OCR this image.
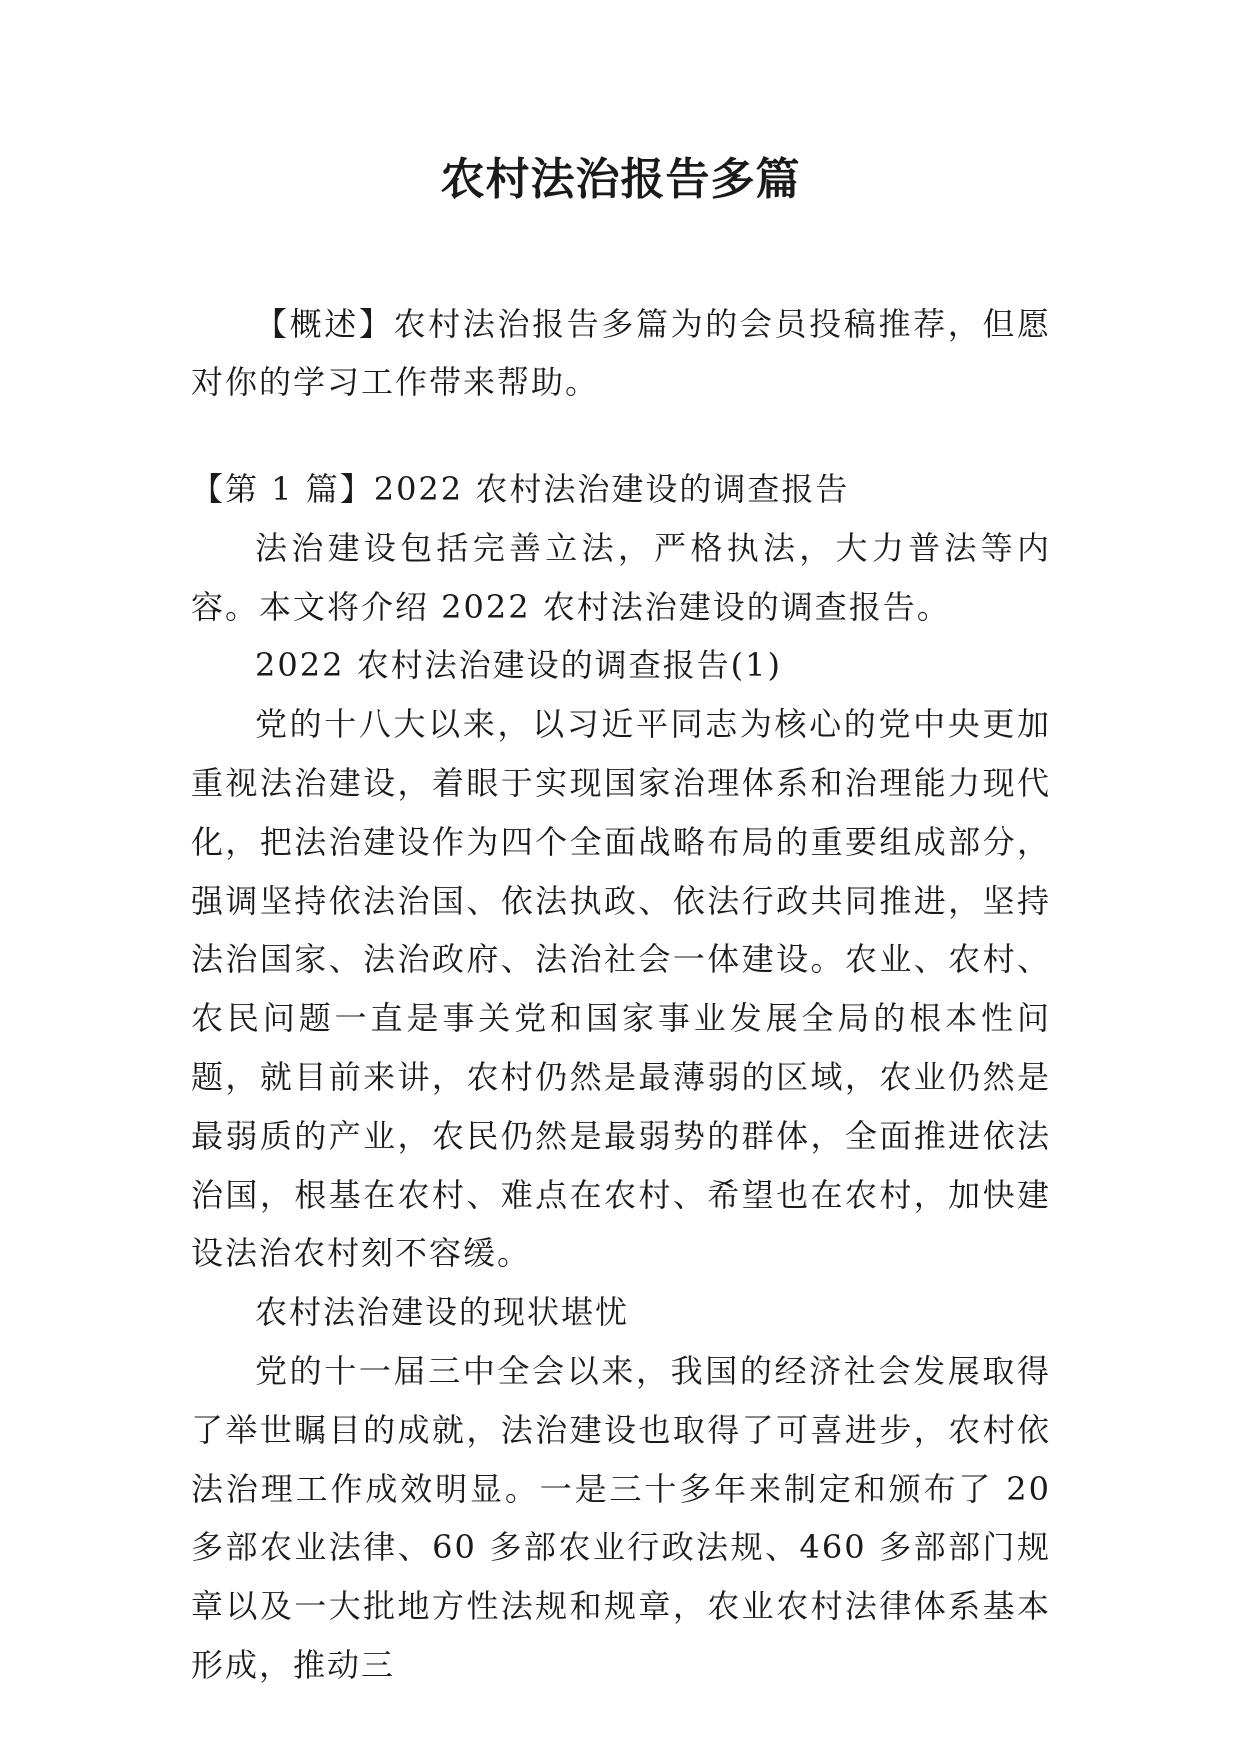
农村法治报告多篇
【概述】农村法治报告多篇为的会员投稿推荐，但愿对你的学习工作带来帮助。

【第 1 篇】2022 农村法治建设的调查报告

法治建设包括完善立法，严格执法，大力普法等内容。本文将介绍 2022 农村法治建设的调查报告。

2022 农村法治建设的调查报告(1)

党的十八大以来，以习近平同志为核心的党中央更加重视法治建设，着眼于实现国家治理体系和治理能力现代化，把法治建设作为四个全面战略布局的重要组成部分，强调坚持依法治国、依法执政、依法行政共同推进，坚持法治国家、法治政府、法治社会一体建设。农业、农村、农民问题一直是事关党和国家事业发展全局的根本性问题，就目前来讲，农村仍然是最薄弱的区域，农业仍然是最弱质的产业，农民仍然是最弱势的群体，全面推进依法治国，根基在农村、难点在农村、希望也在农村，加快建设法治农村刻不容缓。

农村法治建设的现状堪忧

党的十一届三中全会以来，我国的经济社会发展取得了举世瞩目的成就，法治建设也取得了可喜进步，农村依法治理工作成效明显。一是三十多年来制定和颁布了 20 多部农业法律、60 多部农业行政法规、460 多部部门规章以及一大批地方性法规和规章，农业农村法律体系基本形成，推动三
